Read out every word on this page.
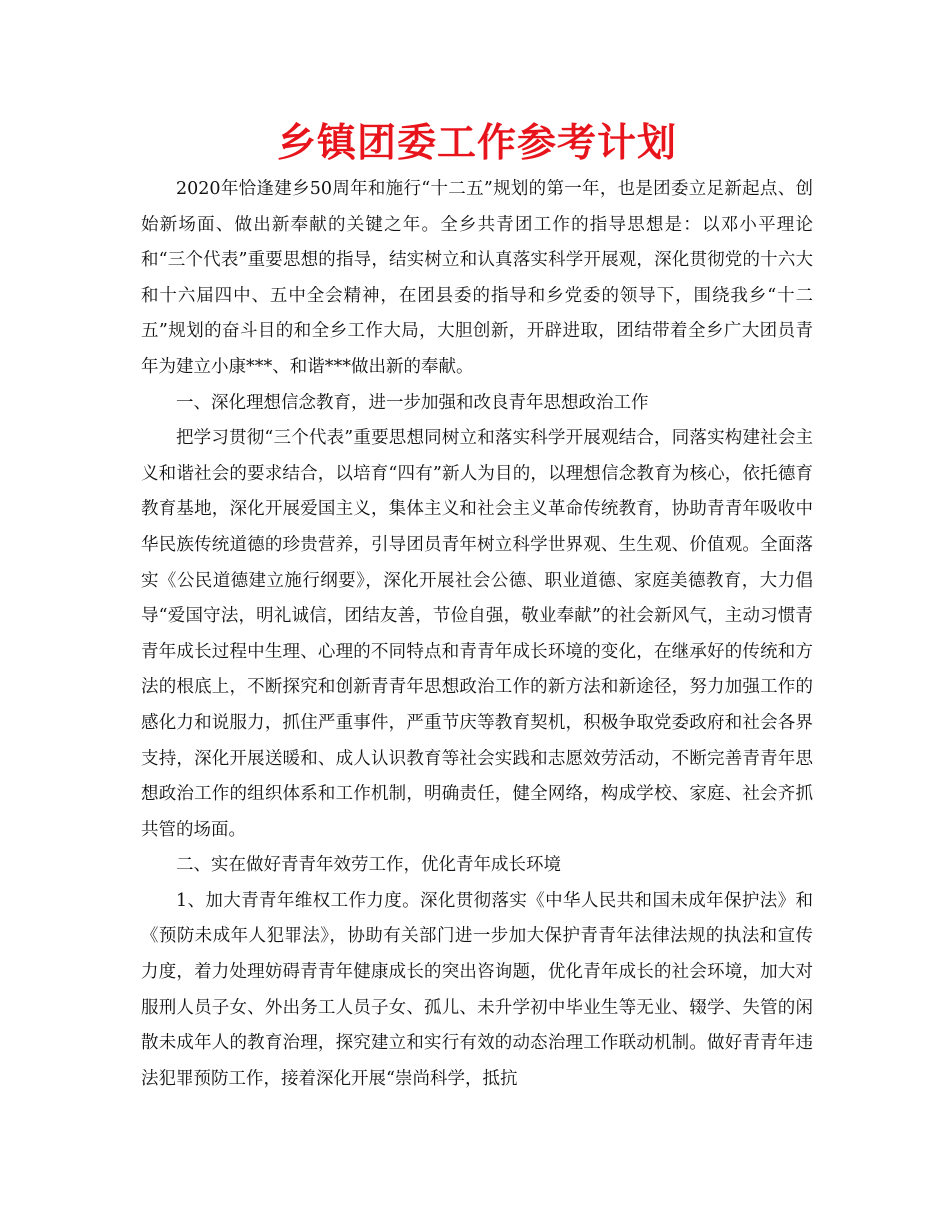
乡镇团委工作参考计划

2020年恰逢建乡50周年和施行“十二五”规划的第一年，也是团委立足新起点、创始新场面、做出新奉献的关键之年。全乡共青团工作的指导思想是：以邓小平理论和“三个代表”重要思想的指导，结实树立和认真落实科学开展观，深化贯彻党的十六大和十六届四中、五中全会精神，在团县委的指导和乡党委的领导下，围绕我乡“十二五”规划的奋斗目的和全乡工作大局，大胆创新，开辟进取，团结带着全乡广大团员青年为建立小康***、和谐***做出新的奉献。

一、深化理想信念教育，进一步加强和改良青年思想政治工作

把学习贯彻“三个代表”重要思想同树立和落实科学开展观结合，同落实构建社会主义和谐社会的要求结合，以培育“四有”新人为目的，以理想信念教育为核心，依托德育教育基地，深化开展爱国主义，集体主义和社会主义革命传统教育，协助青青年吸收中华民族传统道德的珍贵营养，引导团员青年树立科学世界观、生生观、价值观。全面落实《公民道德建立施行纲要》，深化开展社会公德、职业道德、家庭美德教育，大力倡导“爱国守法，明礼诚信，团结友善，节俭自强，敬业奉献”的社会新风气，主动习惯青青年成长过程中生理、心理的不同特点和青青年成长环境的变化，在继承好的传统和方法的根底上，不断探究和创新青青年思想政治工作的新方法和新途径，努力加强工作的感化力和说服力，抓住严重事件，严重节庆等教育契机，积极争取党委政府和社会各界支持，深化开展送暖和、成人认识教育等社会实践和志愿效劳活动，不断完善青青年思想政治工作的组织体系和工作机制，明确责任，健全网络，构成学校、家庭、社会齐抓共管的场面。

二、实在做好青青年效劳工作，优化青年成长环境

1、加大青青年维权工作力度。深化贯彻落实《中华人民共和国未成年保护法》和《预防未成年人犯罪法》，协助有关部门进一步加大保护青青年法律法规的执法和宣传力度，着力处理妨碍青青年健康成长的突出咨询题，优化青年成长的社会环境，加大对服刑人员子女、外出务工人员子女、孤儿、未升学初中毕业生等无业、辍学、失管的闲散未成年人的教育治理，探究建立和实行有效的动态治理工作联动机制。做好青青年违法犯罪预防工作，接着深化开展“崇尚科学，抵抗
